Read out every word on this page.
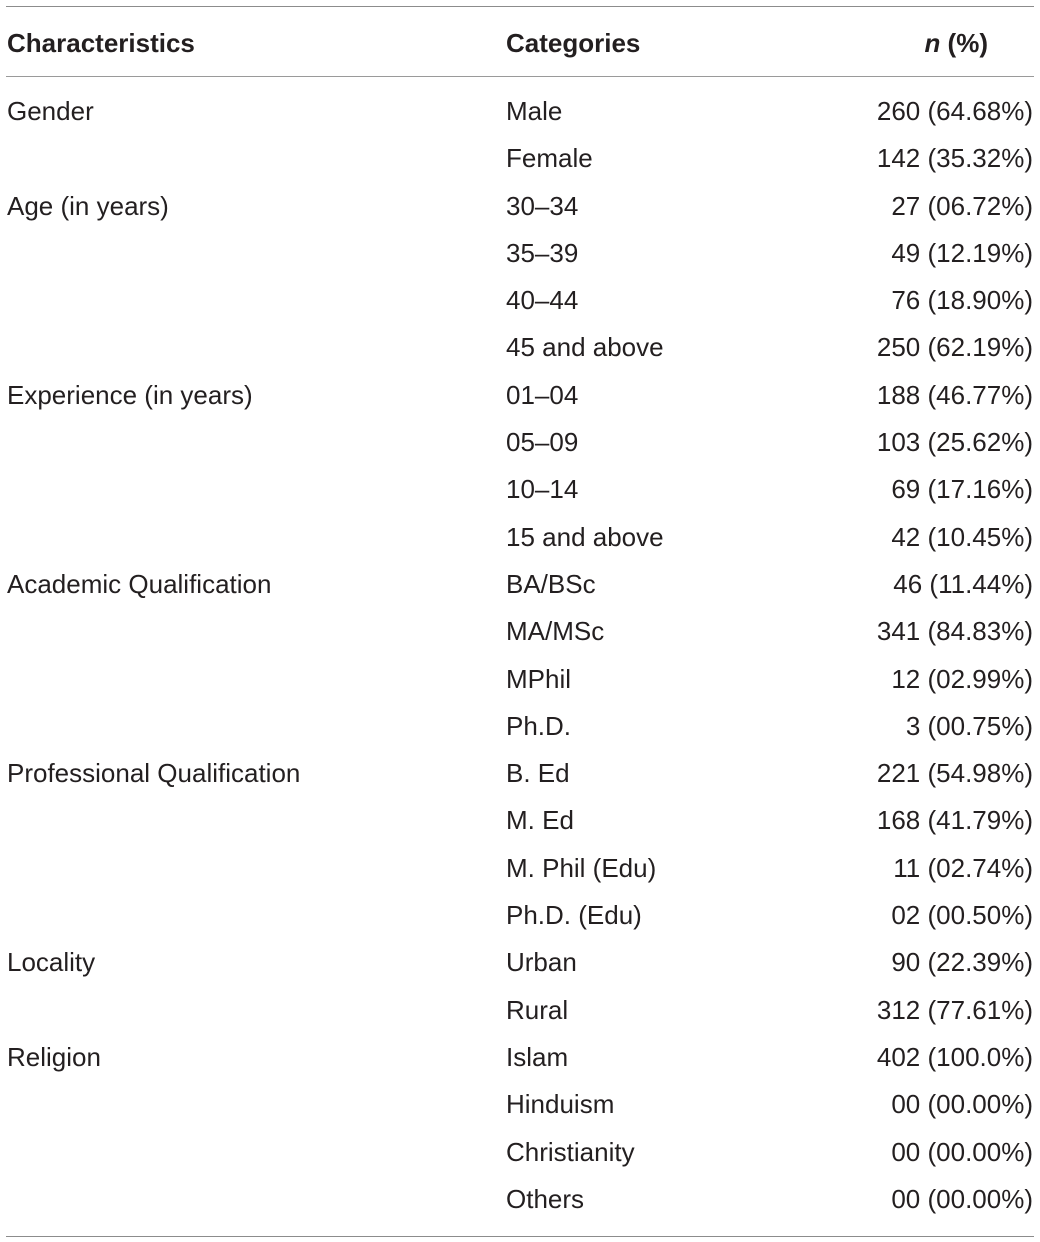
Characteristics	Categories	n (%)
Gender	Male	260 (64.68%)
Female	142 (35.32%)
Age (in years)	30–34	27 (06.72%)
35–39	49 (12.19%)
40–44	76 (18.90%)
45 and above	250 (62.19%)
Experience (in years)	01–04	188 (46.77%)
05–09	103 (25.62%)
10–14	69 (17.16%)
15 and above	42 (10.45%)
Academic Qualification	BA/BSc	46 (11.44%)
MA/MSc	341 (84.83%)
MPhil	12 (02.99%)
Ph.D.	3 (00.75%)
Professional Qualification	B. Ed	221 (54.98%)
M. Ed	168 (41.79%)
M. Phil (Edu)	11 (02.74%)
Ph.D. (Edu)	02 (00.50%)
Locality	Urban	90 (22.39%)
Rural	312 (77.61%)
Religion	Islam	402 (100.0%)
Hinduism	00 (00.00%)
Christianity	00 (00.00%)
Others	00 (00.00%)
